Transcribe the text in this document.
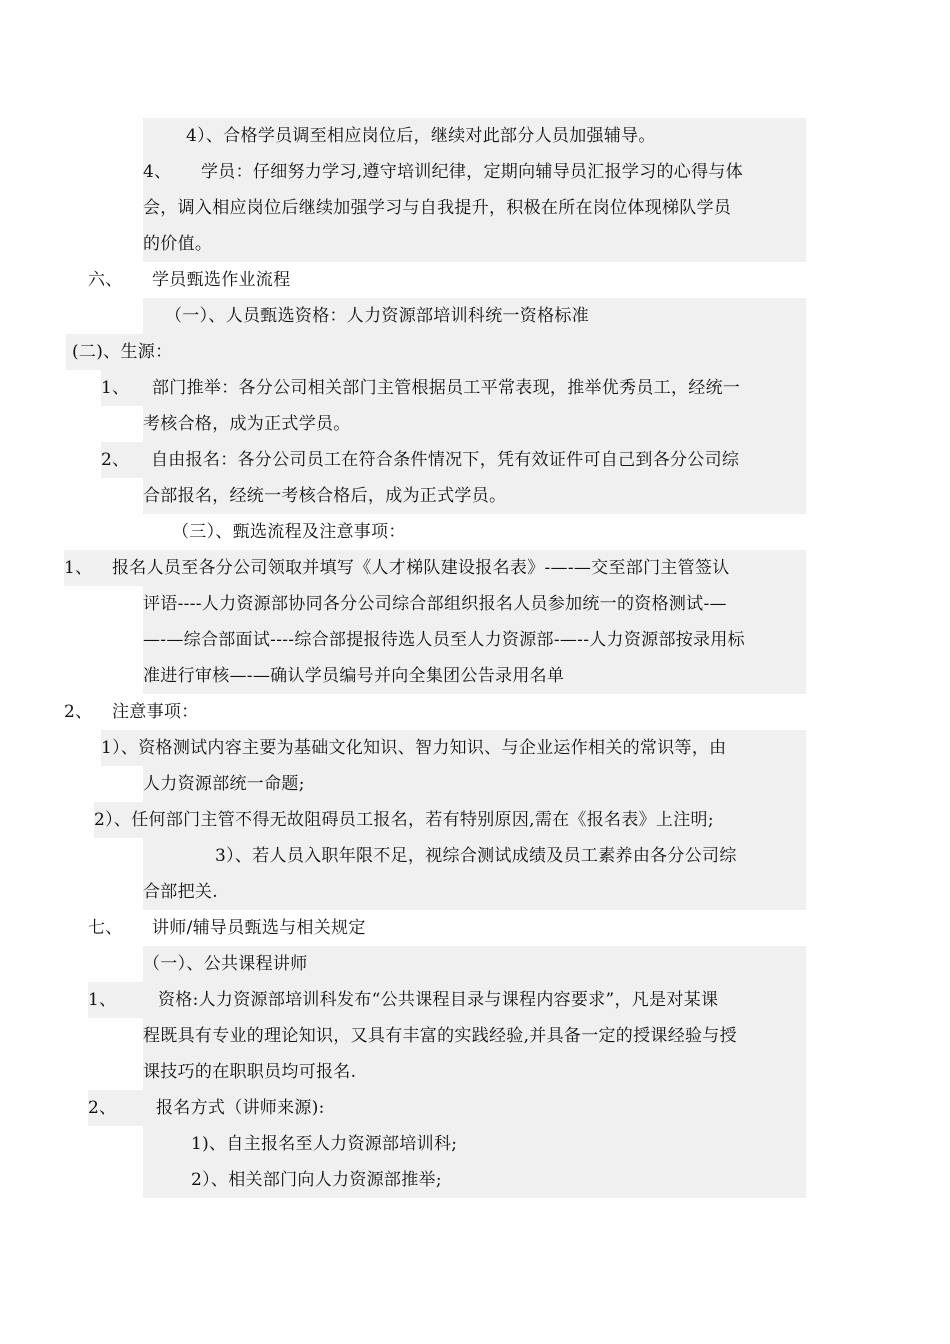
4）、合格学员调至相应岗位后，继续对此部分人员加强辅导。
4、 学员：仔细努力学习,遵守培训纪律，定期向辅导员汇报学习的心得与体
会，调入相应岗位后继续加强学习与自我提升，积极在所在岗位体现梯队学员
的价值。
六、 学员甄选作业流程
（一）、人员甄选资格：人力资源部培训科统一资格标准
(二)、生源：
1、 部门推举：各分公司相关部门主管根据员工平常表现，推举优秀员工，经统一
考核合格，成为正式学员。
2、 自由报名：各分公司员工在符合条件情况下，凭有效证件可自己到各分公司综
合部报名，经统一考核合格后，成为正式学员。
（三）、甄选流程及注意事项：
1、 报名人员至各分公司领取并填写《人才梯队建设报名表》-—-—交至部门主管签认
评语----人力资源部协同各分公司综合部组织报名人员参加统一的资格测试-—
—-—综合部面试----综合部提报待选人员至人力资源部-—--人力资源部按录用标
准进行审核—-—确认学员编号并向全集团公告录用名单
2、 注意事项：
1）、资格测试内容主要为基础文化知识、智力知识、与企业运作相关的常识等，由
人力资源部统一命题;
2）、任何部门主管不得无故阻碍员工报名，若有特别原因,需在《报名表》上注明;
3）、若人员入职年限不足，视综合测试成绩及员工素养由各分公司综
合部把关.
七、 讲师/辅导员甄选与相关规定
（一）、公共课程讲师
1、 资格:人力资源部培训科发布“公共课程目录与课程内容要求”，凡是对某课
程既具有专业的理论知识，又具有丰富的实践经验,并具备一定的授课经验与授
课技巧的在职职员均可报名.
2、 报名方式（讲师来源):
1)、自主报名至人力资源部培训科;
2）、相关部门向人力资源部推举;
